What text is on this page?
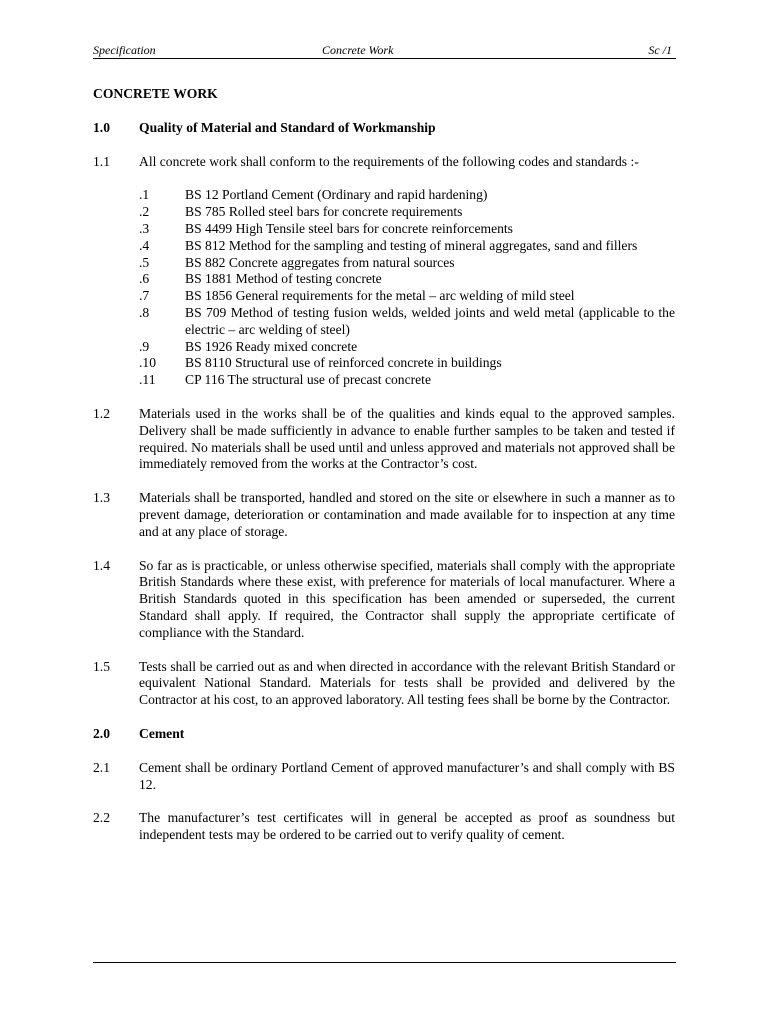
Specification	Concrete Work	Sc /1
CONCRETE WORK
1.0	Quality of Material and Standard of Workmanship
1.1	All concrete work shall conform to the requirements of the following codes and standards :-
.1	BS 12 Portland Cement (Ordinary and rapid hardening)
.2	BS 785 Rolled steel bars for concrete requirements
.3	BS 4499 High Tensile steel bars for concrete reinforcements
.4	BS 812 Method for the sampling and testing of mineral aggregates, sand and fillers
.5	BS 882 Concrete aggregates from natural sources
.6	BS 1881 Method of testing concrete
.7	BS 1856 General requirements for the metal – arc welding of mild steel
.8	BS 709 Method of testing fusion welds, welded joints and weld metal (applicable to the electric – arc welding of steel)
.9	BS 1926 Ready mixed concrete
.10	BS 8110 Structural use of reinforced concrete in buildings
.11	CP 116 The structural use of precast concrete
1.2	Materials used in the works shall be of the qualities and kinds equal to the approved samples. Delivery shall be made sufficiently in advance to enable further samples to be taken and tested if required. No materials shall be used until and unless approved and materials not approved shall be immediately removed from the works at the Contractor’s cost.
1.3	Materials shall be transported, handled and stored on the site or elsewhere in such a manner as to prevent damage, deterioration or contamination and made available for to inspection at any time and at any place of storage.
1.4	So far as is practicable, or unless otherwise specified, materials shall comply with the appropriate British Standards where these exist, with preference for materials of local manufacturer. Where a British Standards quoted in this specification has been amended or superseded, the current Standard shall apply. If required, the Contractor shall supply the appropriate certificate of compliance with the Standard.
1.5	Tests shall be carried out as and when directed in accordance with the relevant British Standard or equivalent National Standard. Materials for tests shall be provided and delivered by the Contractor at his cost, to an approved laboratory. All testing fees shall be borne by the Contractor.
2.0	Cement
2.1	Cement shall be ordinary Portland Cement of approved manufacturer’s and shall comply with BS 12.
2.2	The manufacturer’s test certificates will in general be accepted as proof as soundness but independent tests may be ordered to be carried out to verify quality of cement.
